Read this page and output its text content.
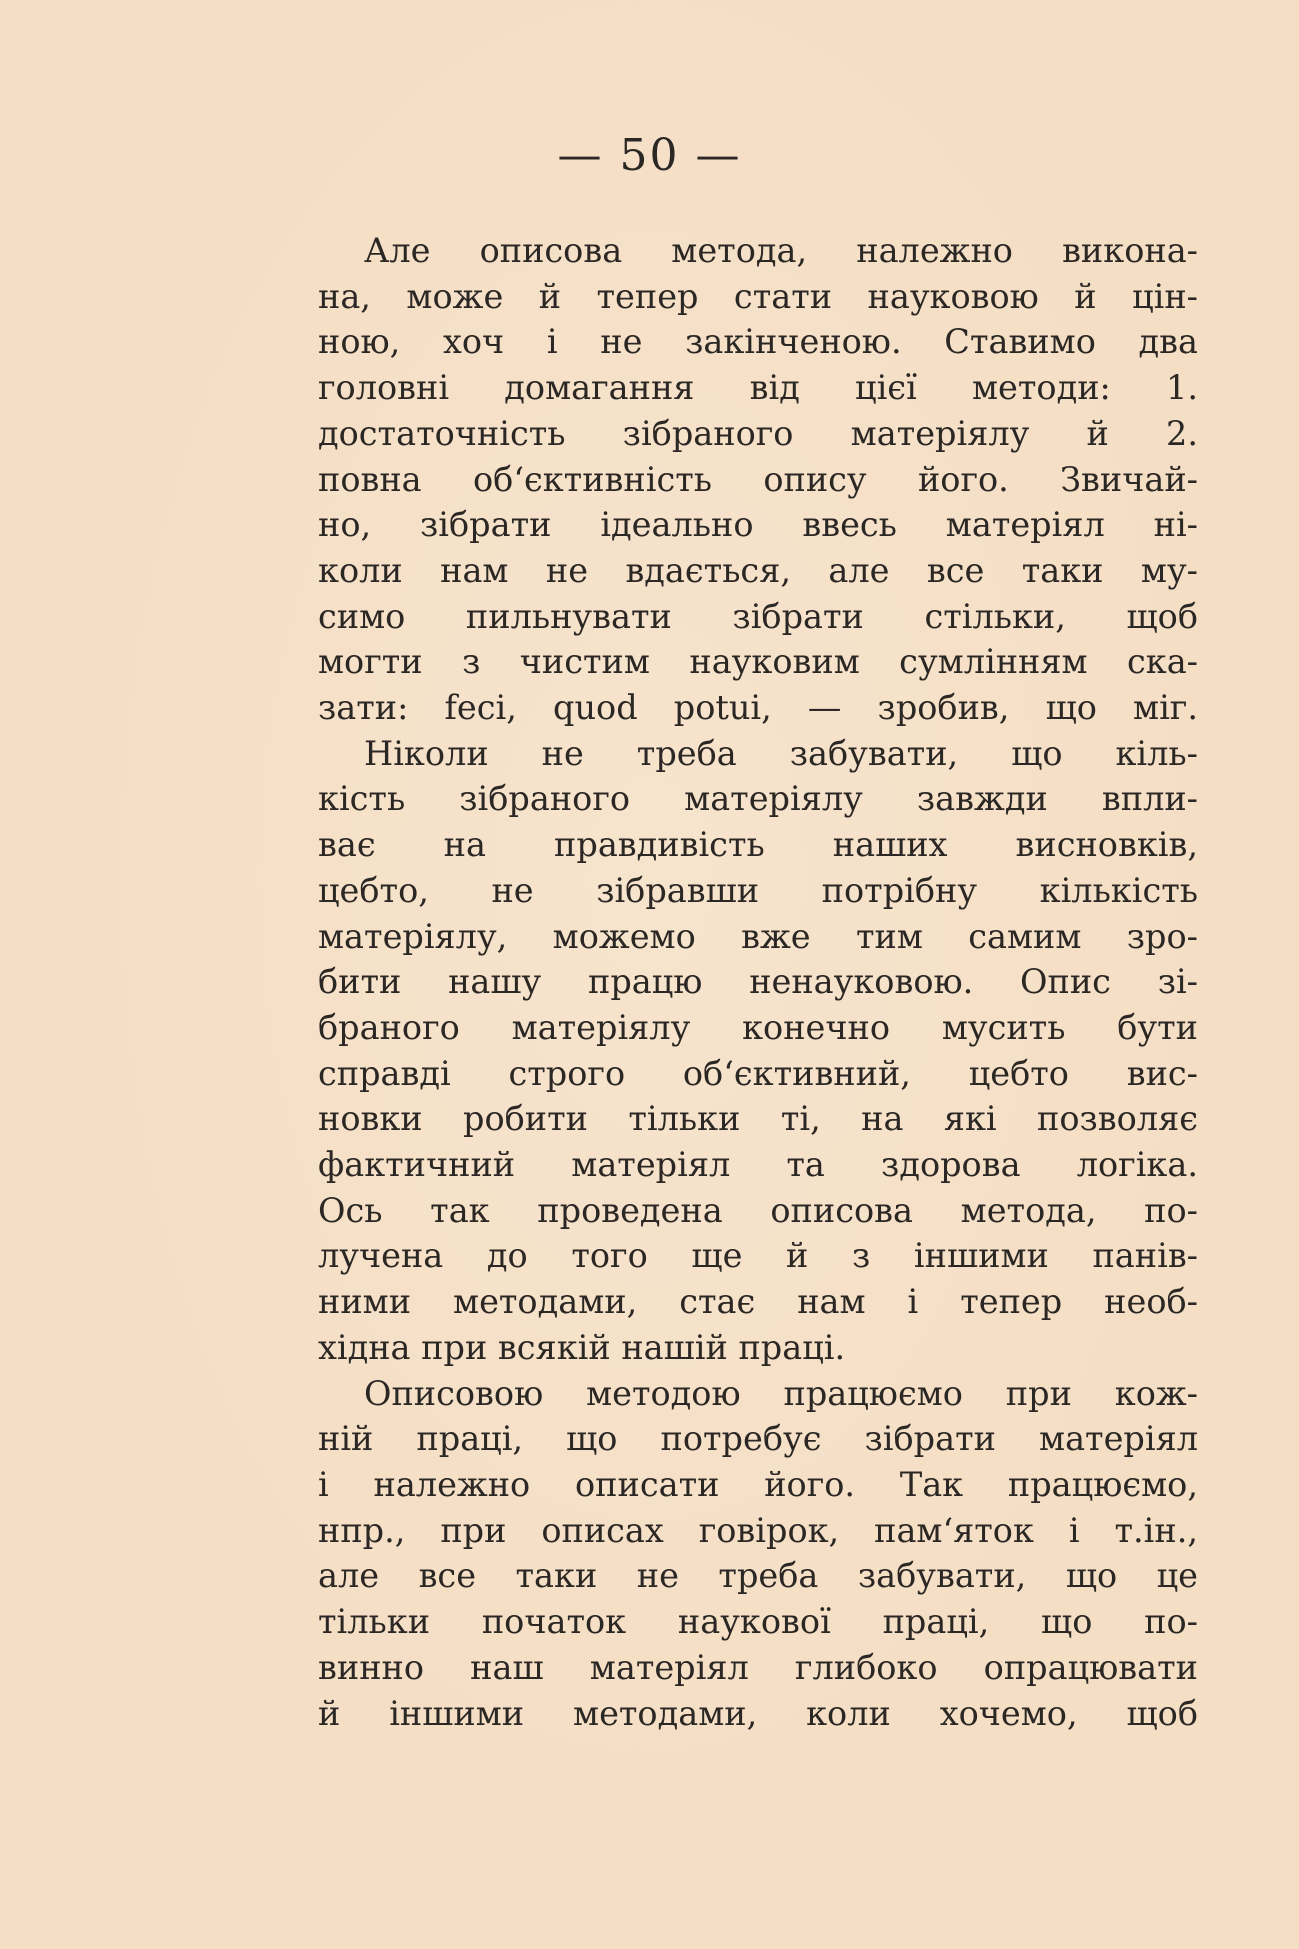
— 50 —
Але описова метода, належно викона-
на, може й тепер стати науковою й цін-
ною, хоч і не закінченою. Ставимо два
головні домагання від цієї методи: 1.
достаточність зібраного матеріялу й 2.
повна об‘єктивність опису його. Звичай-
но, зібрати ідеально ввесь матеріял ні-
коли нам не вдається, але все таки му-
симо пильнувати зібрати стільки, щоб
могти з чистим науковим сумлінням ска-
зати: feci, quod potui, — зробив, що міг.
Ніколи не треба забувати, що кіль-
кість зібраного матеріялу завжди впли-
ває на правдивість наших висновків,
цебто, не зібравши потрібну кількість
матеріялу, можемо вже тим самим зро-
бити нашу працю ненауковою. Опис зі-
браного матеріялу конечно мусить бути
справді строго об‘єктивний, цебто вис-
новки робити тільки ті, на які позволяє
фактичний матеріял та здорова логіка.
Ось так проведена описова метода, по-
лучена до того ще й з іншими панів-
ними методами, стає нам і тепер необ-
хідна при всякій нашій праці.
Описовою методою працюємо при кож-
ній праці, що потребує зібрати матеріял
і належно описати його. Так працюємо,
нпр., при описах говірок, пам‘яток і т.ін.,
але все таки не треба забувати, що це
тільки початок наукової праці, що по-
винно наш матеріял глибоко опрацювати
й іншими методами, коли хочемо, щоб
